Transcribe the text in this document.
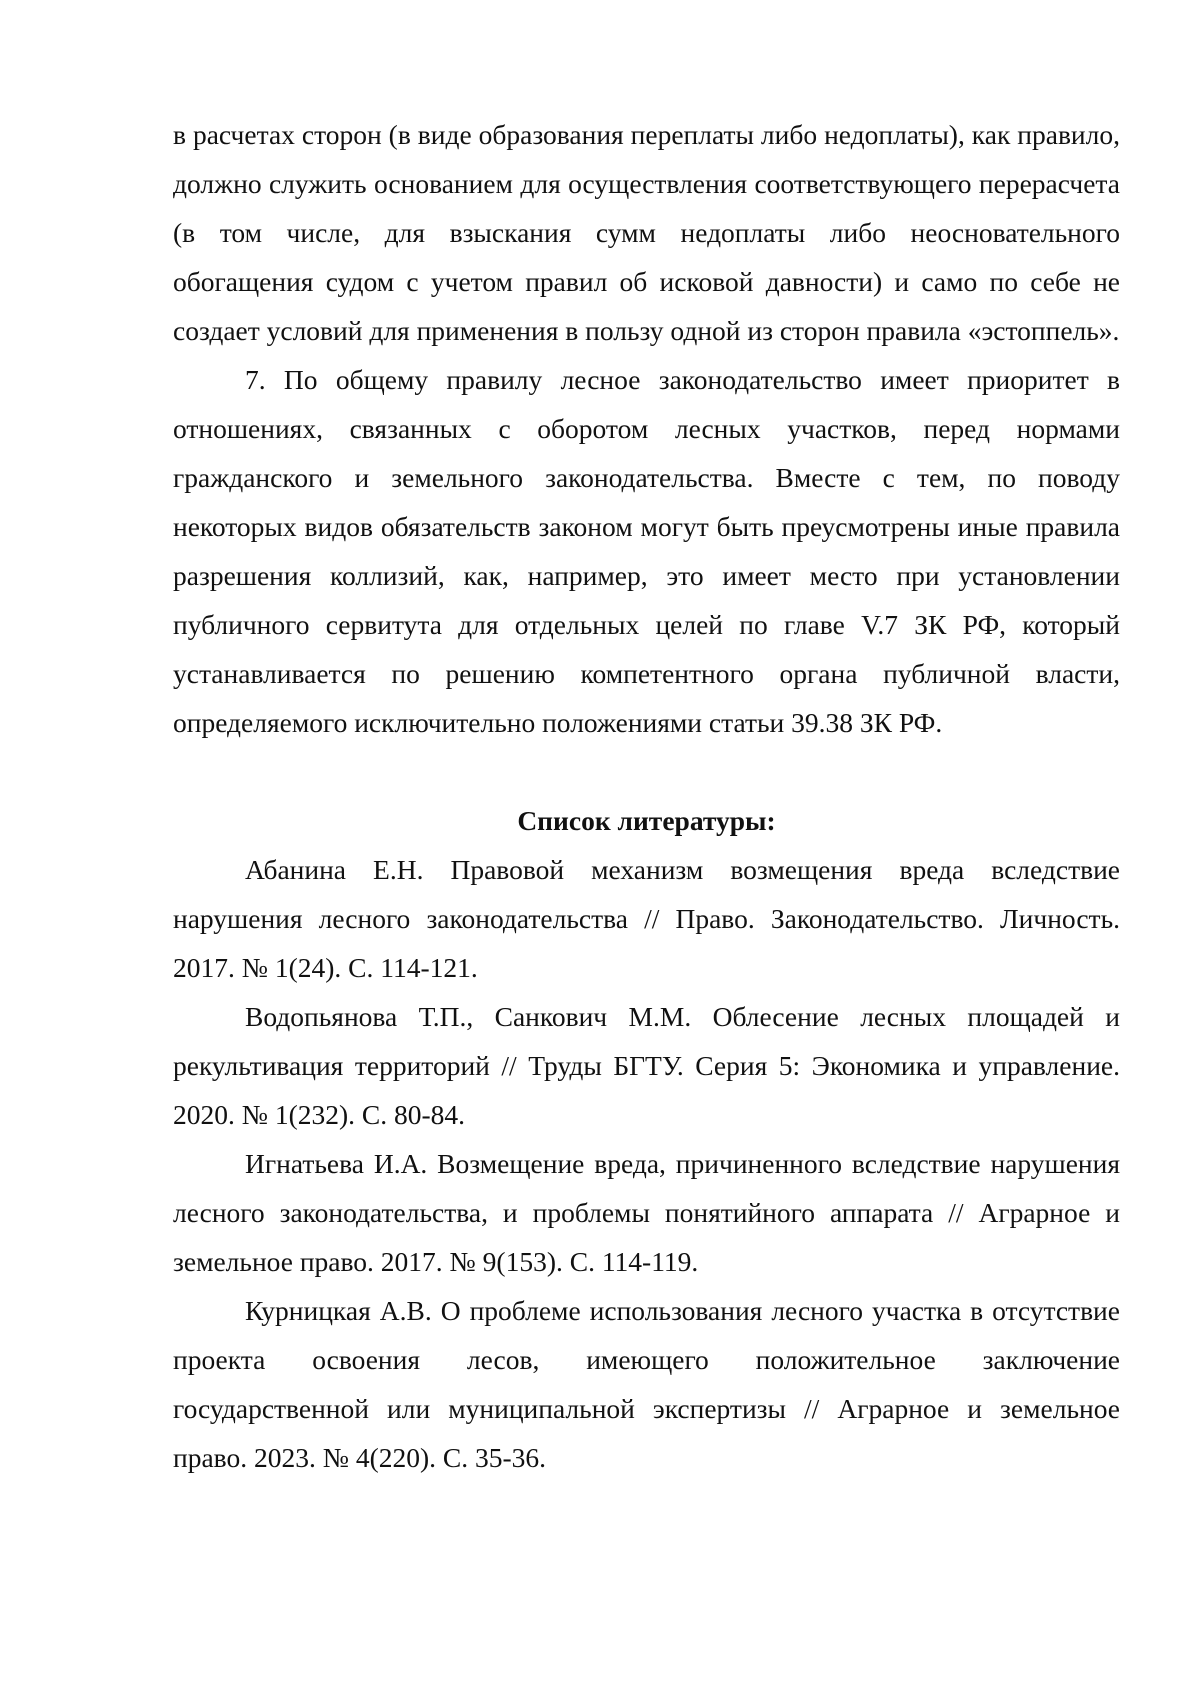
в расчетах сторон (в виде образования переплаты либо недоплаты), как правило, должно служить основанием для осуществления соответствующего перерасчета (в том числе, для взыскания сумм недоплаты либо неосновательного обогащения судом с учетом правил об исковой давности) и само по себе не создает условий для применения в пользу одной из сторон правила «эстоппель».

7. По общему правилу лесное законодательство имеет приоритет в отношениях, связанных с оборотом лесных участков, перед нормами гражданского и земельного законодательства. Вместе с тем, по поводу некоторых видов обязательств законом могут быть преусмотрены иные правила разрешения коллизий, как, например, это имеет место при установлении публичного сервитута для отдельных целей по главе V.7 ЗК РФ, который устанавливается по решению компетентного органа публичной власти, определяемого исключительно положениями статьи 39.38 ЗК РФ.

Список литературы:

Абанина Е.Н. Правовой механизм возмещения вреда вследствие нарушения лесного законодательства // Право. Законодательство. Личность. 2017. № 1(24). С. 114-121.

Водопьянова Т.П., Санкович М.М. Облесение лесных площадей и рекультивация территорий // Труды БГТУ. Серия 5: Экономика и управление. 2020. № 1(232). С. 80-84.

Игнатьева И.А. Возмещение вреда, причиненного вследствие нарушения лесного законодательства, и проблемы понятийного аппарата // Аграрное и земельное право. 2017. № 9(153). С. 114-119.

Курницкая А.В. О проблеме использования лесного участка в отсутствие проекта освоения лесов, имеющего положительное заключение государственной или муниципальной экспертизы // Аграрное и земельное право. 2023. № 4(220). С. 35-36.
